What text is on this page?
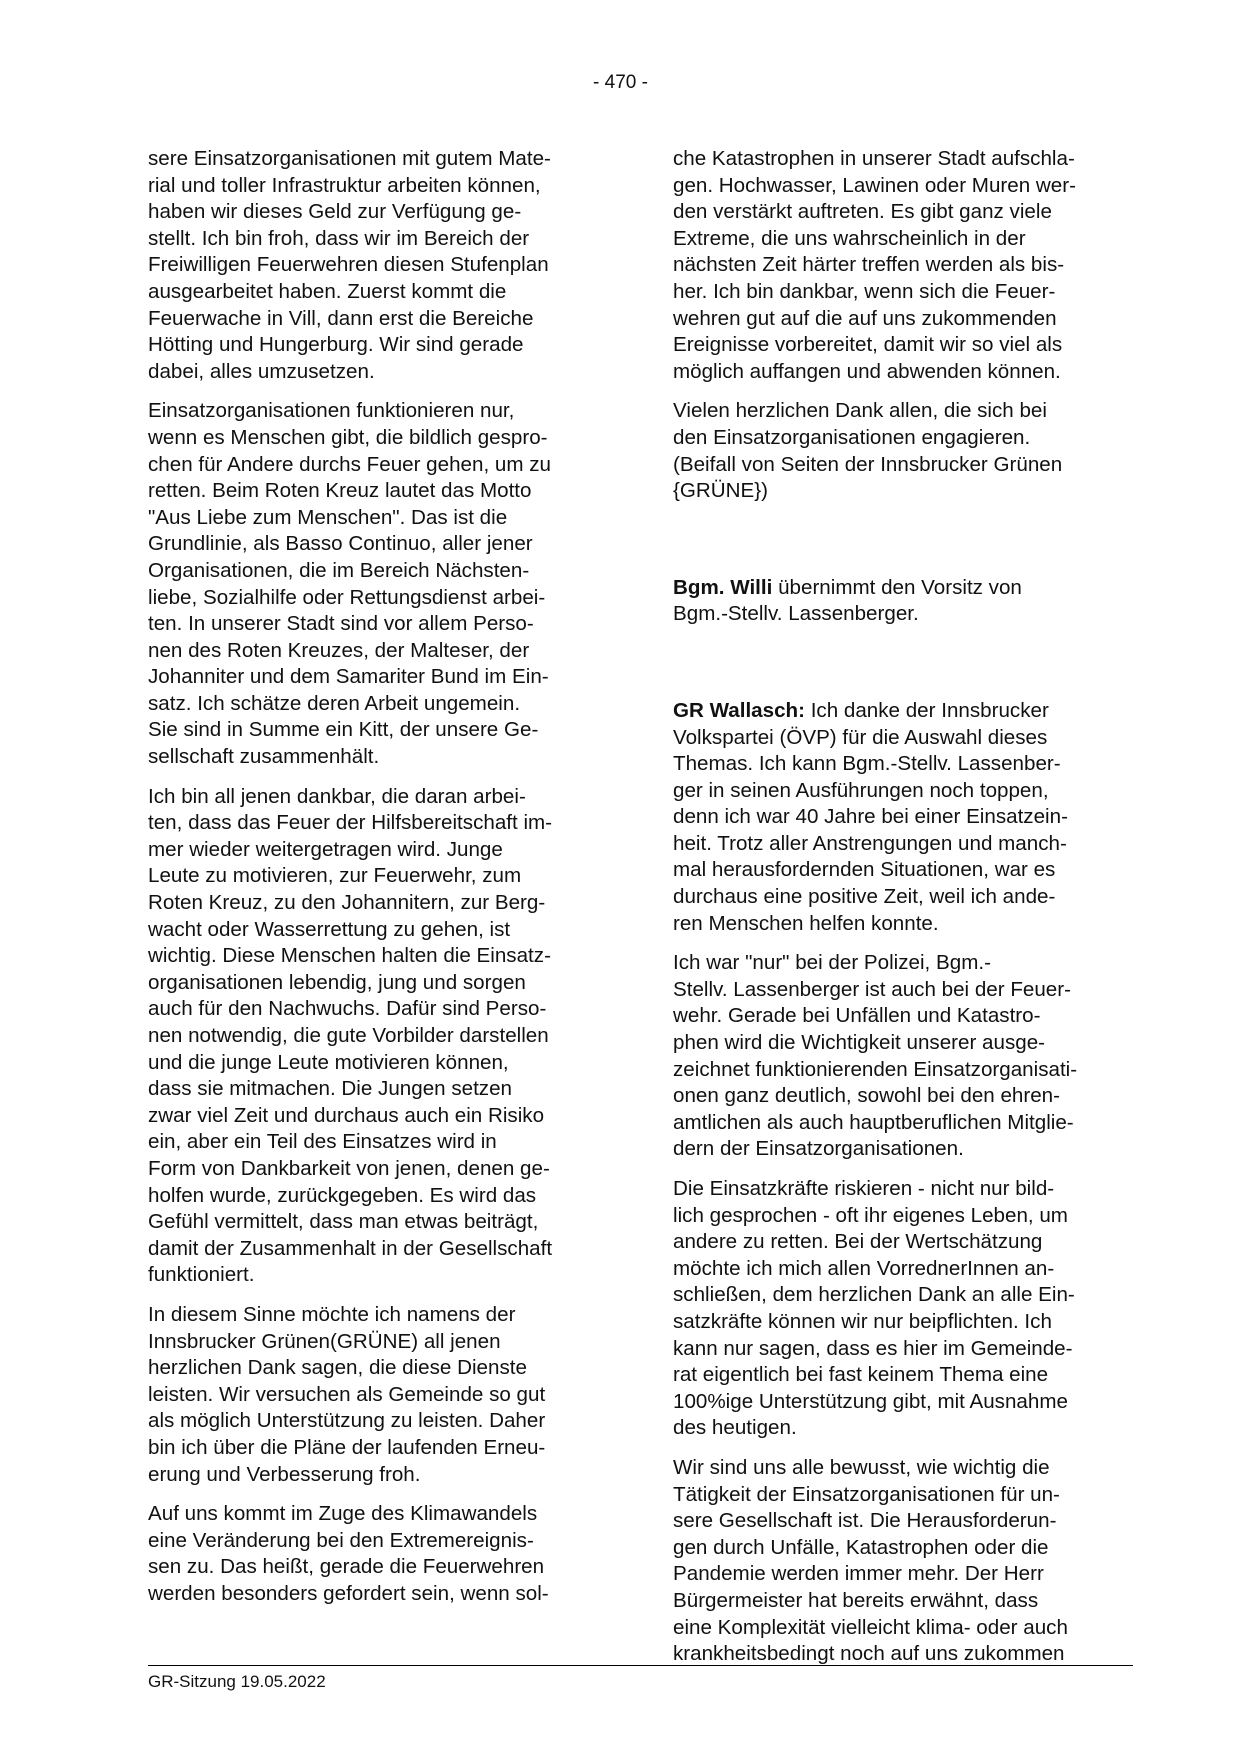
- 470 -

sere Einsatzorganisationen mit gutem Mate-
rial und toller Infrastruktur arbeiten können,
haben wir dieses Geld zur Verfügung ge-
stellt. Ich bin froh, dass wir im Bereich der
Freiwilligen Feuerwehren diesen Stufenplan
ausgearbeitet haben. Zuerst kommt die
Feuerwache in Vill, dann erst die Bereiche
Hötting und Hungerburg. Wir sind gerade
dabei, alles umzusetzen.

Einsatzorganisationen funktionieren nur,
wenn es Menschen gibt, die bildlich gespro-
chen für Andere durchs Feuer gehen, um zu
retten. Beim Roten Kreuz lautet das Motto
"Aus Liebe zum Menschen". Das ist die
Grundlinie, als Basso Continuo, aller jener
Organisationen, die im Bereich Nächsten-
liebe, Sozialhilfe oder Rettungsdienst arbei-
ten. In unserer Stadt sind vor allem Perso-
nen des Roten Kreuzes, der Malteser, der
Johanniter und dem Samariter Bund im Ein-
satz. Ich schätze deren Arbeit ungemein.
Sie sind in Summe ein Kitt, der unsere Ge-
sellschaft zusammenhält.

Ich bin all jenen dankbar, die daran arbei-
ten, dass das Feuer der Hilfsbereitschaft im-
mer wieder weitergetragen wird. Junge
Leute zu motivieren, zur Feuerwehr, zum
Roten Kreuz, zu den Johannitern, zur Berg-
wacht oder Wasserrettung zu gehen, ist
wichtig. Diese Menschen halten die Einsatz-
organisationen lebendig, jung und sorgen
auch für den Nachwuchs. Dafür sind Perso-
nen notwendig, die gute Vorbilder darstellen
und die junge Leute motivieren können,
dass sie mitmachen. Die Jungen setzen
zwar viel Zeit und durchaus auch ein Risiko
ein, aber ein Teil des Einsatzes wird in
Form von Dankbarkeit von jenen, denen ge-
holfen wurde, zurückgegeben. Es wird das
Gefühl vermittelt, dass man etwas beiträgt,
damit der Zusammenhalt in der Gesellschaft
funktioniert.

In diesem Sinne möchte ich namens der
Innsbrucker Grünen(GRÜNE) all jenen
herzlichen Dank sagen, die diese Dienste
leisten. Wir versuchen als Gemeinde so gut
als möglich Unterstützung zu leisten. Daher
bin ich über die Pläne der laufenden Erneu-
erung und Verbesserung froh.

Auf uns kommt im Zuge des Klimawandels
eine Veränderung bei den Extremereignis-
sen zu. Das heißt, gerade die Feuerwehren
werden besonders gefordert sein, wenn sol-

che Katastrophen in unserer Stadt aufschla-
gen. Hochwasser, Lawinen oder Muren wer-
den verstärkt auftreten. Es gibt ganz viele
Extreme, die uns wahrscheinlich in der
nächsten Zeit härter treffen werden als bis-
her. Ich bin dankbar, wenn sich die Feuer-
wehren gut auf die auf uns zukommenden
Ereignisse vorbereitet, damit wir so viel als
möglich auffangen und abwenden können.

Vielen herzlichen Dank allen, die sich bei
den Einsatzorganisationen engagieren.
(Beifall von Seiten der Innsbrucker Grünen
{GRÜNE})

Bgm. Willi übernimmt den Vorsitz von
Bgm.-Stellv. Lassenberger.

GR Wallasch: Ich danke der Innsbrucker
Volkspartei (ÖVP) für die Auswahl dieses
Themas. Ich kann Bgm.-Stellv. Lassenber-
ger in seinen Ausführungen noch toppen,
denn ich war 40 Jahre bei einer Einsatzein-
heit. Trotz aller Anstrengungen und manch-
mal herausfordernden Situationen, war es
durchaus eine positive Zeit, weil ich ande-
ren Menschen helfen konnte.

Ich war "nur" bei der Polizei, Bgm.-
Stellv. Lassenberger ist auch bei der Feuer-
wehr. Gerade bei Unfällen und Katastro-
phen wird die Wichtigkeit unserer ausge-
zeichnet funktionierenden Einsatzorganisati-
onen ganz deutlich, sowohl bei den ehren-
amtlichen als auch hauptberuflichen Mitglie-
dern der Einsatzorganisationen.

Die Einsatzkräfte riskieren - nicht nur bild-
lich gesprochen - oft ihr eigenes Leben, um
andere zu retten. Bei der Wertschätzung
möchte ich mich allen VorrednerInnen an-
schließen, dem herzlichen Dank an alle Ein-
satzkräfte können wir nur beipflichten. Ich
kann nur sagen, dass es hier im Gemeinde-
rat eigentlich bei fast keinem Thema eine
100%ige Unterstützung gibt, mit Ausnahme
des heutigen.

Wir sind uns alle bewusst, wie wichtig die
Tätigkeit der Einsatzorganisationen für un-
sere Gesellschaft ist. Die Herausforderun-
gen durch Unfälle, Katastrophen oder die
Pandemie werden immer mehr. Der Herr
Bürgermeister hat bereits erwähnt, dass
eine Komplexität vielleicht klima- oder auch
krankheitsbedingt noch auf uns zukommen

GR-Sitzung 19.05.2022
